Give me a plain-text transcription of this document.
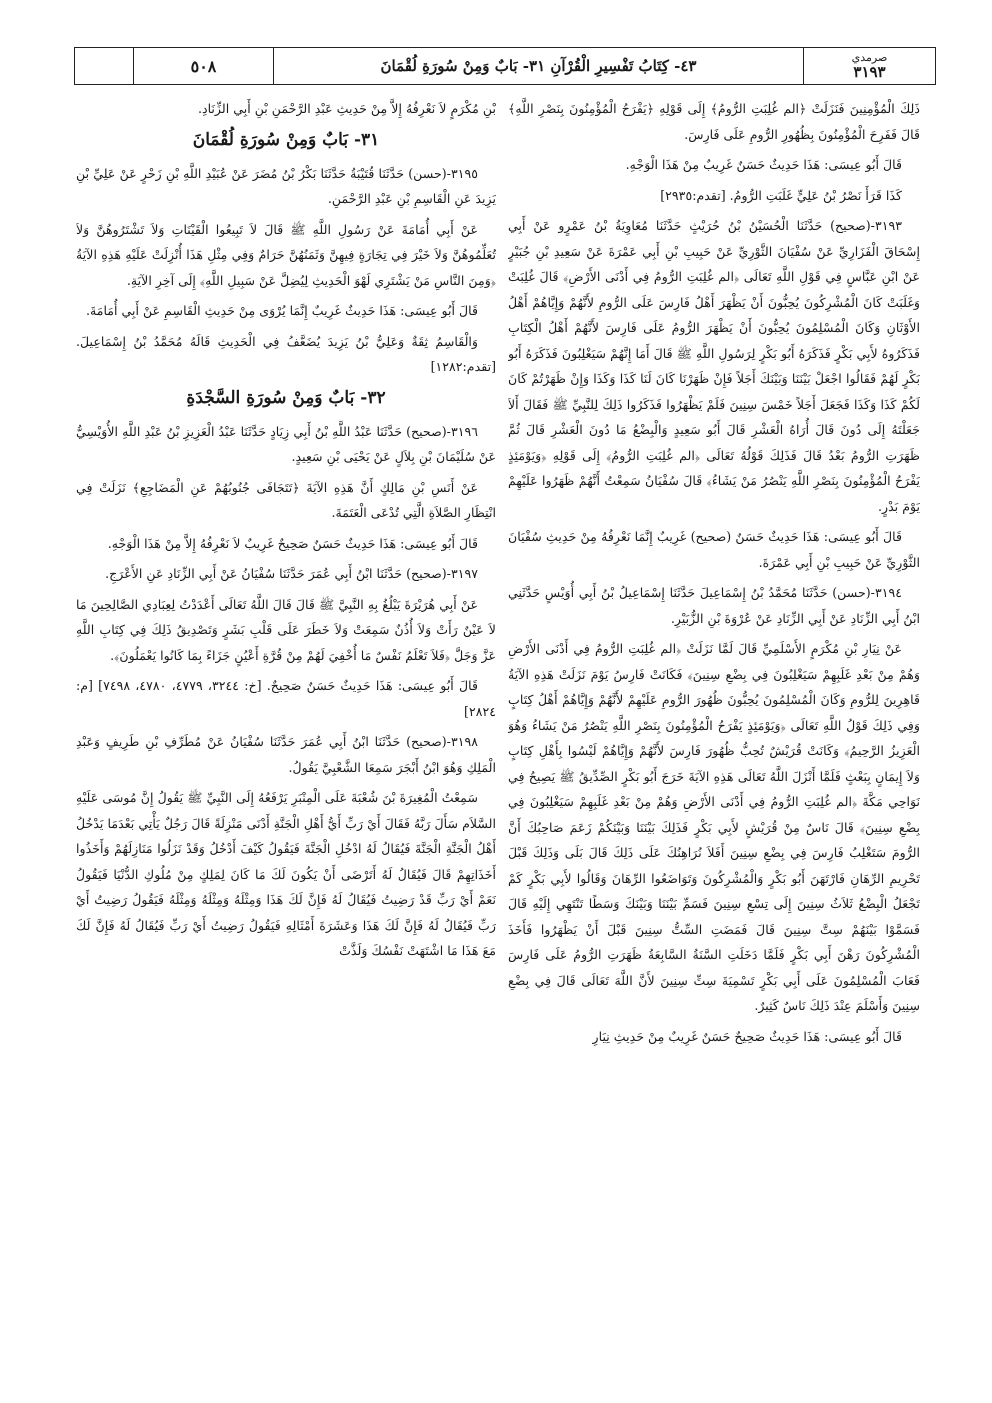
صرمدي
٣١٩٣
٤٣- كِتَابُ تَفْسِيرِ الْقُرْآنِ ٣١- بَابٌ وَمِنْ سُورَةِ لُقْمَانَ
٥٠٨

ذَلِكَ الْمُؤْمِنِينَ فَنَزَلَتْ ﴿الم غُلِبَتِ الرُّومُ﴾ إِلَى قَوْلِهِ ﴿يَفْرَحُ الْمُؤْمِنُونَ بِنَصْرِ اللَّهِ﴾ قَالَ فَفَرِحَ الْمُؤْمِنُونَ بِظُهُورِ الرُّومِ عَلَى فَارِسَ.

قَالَ أَبُو عِيسَى: هَذَا حَدِيثٌ حَسَنٌ غَرِيبٌ مِنْ هَذَا الْوَجْهِ.

كَذَا قَرَأَ نَصْرُ بْنُ عَلِيٍّ غَلَبَتِ الرُّومُ. [تقدم:٢٩٣٥]

٣١٩٣-(صحيح) حَدَّثَنَا الْحُسَيْنُ بْنُ حُرَيْثٍ حَدَّثَنَا مُعَاوِيَةُ بْنُ عَمْرٍو عَنْ أَبِي إِسْحَاقَ الْفَزَارِيِّ عَنْ سُفْيَانَ الثَّوْرِيِّ عَنْ حَبِيبِ بْنِ أَبِي عَمْرَةَ عَنْ سَعِيدِ بْنِ جُبَيْرٍ عَنْ ابْنِ عَبَّاسٍ فِي قَوْلِ اللَّهِ تَعَالَى ﴿الم غُلِبَتِ الرُّومُ فِي أَدْنَى الأَرْضِ﴾ قَالَ غُلِبَتْ وَغَلَبَتْ كَانَ الْمُشْرِكُونَ يُحِبُّونَ أَنْ يَظْهَرَ أَهْلُ فَارِسَ عَلَى الرُّومِ لأَنَّهُمْ وَإِيَّاهُمْ أَهْلُ الأَوْثَانِ وَكَانَ الْمُسْلِمُونَ يُحِبُّونَ أَنْ يَظْهَرَ الرُّومُ عَلَى فَارِسَ لأَنَّهُمْ أَهْلُ الْكِتَابِ فَذَكَرُوهُ لأَبِي بَكْرٍ فَذَكَرَهُ أَبُو بَكْرٍ لِرَسُولِ اللَّهِ ﷺ قَالَ أَمَا إِنَّهُمْ سَيَغْلِبُونَ فَذَكَرَهُ أَبُو بَكْرٍ لَهُمْ فَقَالُوا اجْعَلْ بَيْنَنَا وَبَيْنَكَ أَجَلاً فَإِنْ ظَهَرْنَا كَانَ لَنَا كَذَا وَكَذَا وَإِنْ ظَهَرْتُمْ كَانَ لَكُمْ كَذَا وَكَذَا فَجَعَلَ أَجَلاً خَمْسَ سِنِينَ فَلَمْ يَظْهَرُوا فَذَكَرُوا ذَلِكَ لِلنَّبِيِّ ﷺ فَقَالَ أَلاَ جَعَلْتَهُ إِلَى دُونَ قَالَ أُرَاهُ الْعَشْرِ قَالَ أَبُو سَعِيدٍ وَالْبِضْعُ مَا دُونَ الْعَشْرِ قَالَ ثُمَّ ظَهَرَتِ الرُّومُ بَعْدُ قَالَ فَذَلِكَ قَوْلُهُ تَعَالَى ﴿الم غُلِبَتِ الرُّومُ﴾ إِلَى قَوْلِهِ ﴿وَيَوْمَئِذٍ يَفْرَحُ الْمُؤْمِنُونَ بِنَصْرِ اللَّهِ يَنْصُرُ مَنْ يَشَاءُ﴾ قَالَ سُفْيَانُ سَمِعْتُ أَنَّهُمْ ظَهَرُوا عَلَيْهِمْ يَوْمَ بَدْرٍ.

قَالَ أَبُو عِيسَى: هَذَا حَدِيثٌ حَسَنٌ (صحيح) غَرِيبٌ إِنَّمَا نَعْرِفُهُ مِنْ حَدِيثِ سُفْيَانَ الثَّوْرِيِّ عَنْ حَبِيبِ بْنِ أَبِي عَمْرَةَ.

٣١٩٤-(حسن) حَدَّثَنَا مُحَمَّدُ بْنُ إِسْمَاعِيلَ حَدَّثَنَا إِسْمَاعِيلُ بْنُ أَبِي أُوَيْسٍ حَدَّثَنِي ابْنُ أَبِي الزِّنَادِ عَنْ أَبِي الزِّنَادِ عَنْ عُرْوَةَ بْنِ الزُّبَيْرِ.

عَنْ نِيَارِ بْنِ مُكْرَمٍ الأَسْلَمِيِّ قَالَ لَمَّا نَزَلَتْ ﴿الم غُلِبَتِ الرُّومُ فِي أَدْنَى الأَرْضِ وَهُمْ مِنْ بَعْدِ غَلَبِهِمْ سَيَغْلِبُونَ فِي بِضْعِ سِنِينَ﴾ فَكَانَتْ فَارِسُ يَوْمَ نَزَلَتْ هَذِهِ الآيَةُ قَاهِرِينَ لِلرُّومِ وَكَانَ الْمُسْلِمُونَ يُحِبُّونَ ظُهُورَ الرُّومِ عَلَيْهِمْ لأَنَّهُمْ وَإِيَّاهُمْ أَهْلُ كِتَابٍ وَفِي ذَلِكَ قَوْلُ اللَّهِ تَعَالَى ﴿وَيَوْمَئِذٍ يَفْرَحُ الْمُؤْمِنُونَ بِنَصْرِ اللَّهِ يَنْصُرُ مَنْ يَشَاءُ وَهُوَ الْعَزِيزُ الرَّحِيمُ﴾ وَكَانَتْ قُرَيْشٌ تُحِبُّ ظُهُورَ فَارِسَ لأَنَّهُمْ وَإِيَّاهُمْ لَيْسُوا بِأَهْلِ كِتَابٍ وَلاَ إِيمَانٍ بِبَعْثٍ فَلَمَّا أَنْزَلَ اللَّهُ تَعَالَى هَذِهِ الآيَةَ خَرَجَ أَبُو بَكْرٍ الصِّدِّيقُ ﷺ يَصِيحُ فِي نَوَاحِي مَكَّةَ ﴿الم غُلِبَتِ الرُّومُ فِي أَدْنَى الأَرْضِ وَهُمْ مِنْ بَعْدِ غَلَبِهِمْ سَيَغْلِبُونَ فِي بِضْعِ سِنِينَ﴾ قَالَ نَاسٌ مِنْ قُرَيْشٍ لأَبِي بَكْرٍ فَذَلِكَ بَيْنَنَا وَبَيْنَكُمْ زَعَمَ صَاحِبُكَ أَنَّ الرُّومَ سَتَغْلِبُ فَارِسَ فِي بِضْعِ سِنِينَ أَفَلاَ نُرَاهِنُكَ عَلَى ذَلِكَ قَالَ بَلَى وَذَلِكَ قَبْلَ تَحْرِيمِ الرِّهَانِ فَارْتَهَنَ أَبُو بَكْرٍ وَالْمُشْرِكُونَ وَتَوَاضَعُوا الرِّهَانَ وَقَالُوا لأَبِي بَكْرٍ كَمْ تَجْعَلُ الْبِضْعُ ثَلاَثُ سِنِينَ إِلَى تِسْعِ سِنِينَ فَسَمِّ بَيْنَنَا وَبَيْنَكَ وَسَطًا تَنْتَهِي إِلَيْهِ قَالَ فَسَمَّوْا بَيْنَهُمْ سِتَّ سِنِينَ قَالَ فَمَضَتِ السِّتُّ سِنِينَ قَبْلَ أَنْ يَظْهَرُوا فَأَخَذَ الْمُشْرِكُونَ رَهْنَ أَبِي بَكْرٍ فَلَمَّا دَخَلَتِ السَّنَةُ السَّابِعَةُ ظَهَرَتِ الرُّومُ عَلَى فَارِسَ فَعَابَ الْمُسْلِمُونَ عَلَى أَبِي بَكْرٍ تَسْمِيَةَ سِتِّ سِنِينَ لأَنَّ اللَّهَ تَعَالَى قَالَ فِي بِضْعِ سِنِينَ وَأَسْلَمَ عِنْدَ ذَلِكَ نَاسٌ كَثِيرٌ.

قَالَ أَبُو عِيسَى: هَذَا حَدِيثٌ صَحِيحٌ حَسَنٌ غَرِيبٌ مِنْ حَدِيثِ نِيَارِ

بْنِ مُكْرَمٍ لاَ نَعْرِفُهُ إِلاَّ مِنْ حَدِيثِ عَبْدِ الرَّحْمَنِ بْنِ أَبِي الزِّنَادِ.

٣١- بَابٌ وَمِنْ سُورَةِ لُقْمَانَ

٣١٩٥-(حسن) حَدَّثَنَا قُتَيْبَةُ حَدَّثَنَا بَكْرُ بْنُ مُضَرَ عَنْ عُبَيْدِ اللَّهِ بْنِ زَحْرٍ عَنْ عَلِيِّ بْنِ يَزِيدَ عَنِ الْقَاسِمِ بْنِ عَبْدِ الرَّحْمَنِ.

عَنْ أَبِي أُمَامَةَ عَنْ رَسُولِ اللَّهِ ﷺ قَالَ لاَ تَبِيعُوا الْقَيْنَاتِ وَلاَ تَشْتَرُوهُنَّ وَلاَ تُعَلِّمُوهُنَّ وَلاَ خَيْرَ فِي تِجَارَةٍ فِيهِنَّ وَثَمَنُهُنَّ حَرَامٌ وَفِي مِثْلِ هَذَا أُنْزِلَتْ عَلَيْهِ هَذِهِ الآيَةُ ﴿وَمِنَ النَّاسِ مَنْ يَشْتَرِي لَهْوَ الْحَدِيثِ لِيُضِلَّ عَنْ سَبِيلِ اللَّهِ﴾ إِلَى آخِرِ الآيَةِ.

قَالَ أَبُو عِيسَى: هَذَا حَدِيثٌ غَرِيبٌ إِنَّمَا يُرْوَى مِنْ حَدِيثِ الْقَاسِمِ عَنْ أَبِي أُمَامَةَ.

وَالْقَاسِمُ ثِقَةٌ وَعَلِيُّ بْنُ يَزِيدَ يُضَعَّفُ فِي الْحَدِيثِ قَالَهُ مُحَمَّدُ بْنُ إِسْمَاعِيلَ. [تقدم:١٢٨٢]

٣٢- بَابٌ وَمِنْ سُورَةِ السَّجْدَةِ

٣١٩٦-(صحيح) حَدَّثَنَا عَبْدُ اللَّهِ بْنُ أَبِي زِيَادٍ حَدَّثَنَا عَبْدُ الْعَزِيزِ بْنُ عَبْدِ اللَّهِ الأُوَيْسِيُّ عَنْ سُلَيْمَانَ بْنِ بِلاَلٍ عَنْ يَحْيَى بْنِ سَعِيدٍ.

عَنْ أَنَسِ بْنِ مَالِكٍ أَنَّ هَذِهِ الآيَةَ ﴿تَتَجَافَى جُنُوبُهُمْ عَنِ الْمَضَاجِعِ﴾ نَزَلَتْ فِي انْتِظَارِ الصَّلاَةِ الَّتِي تُدْعَى الْعَتَمَةَ.

قَالَ أَبُو عِيسَى: هَذَا حَدِيثٌ حَسَنٌ صَحِيحٌ غَرِيبٌ لاَ نَعْرِفُهُ إِلاَّ مِنْ هَذَا الْوَجْهِ.

٣١٩٧-(صحيح) حَدَّثَنَا ابْنُ أَبِي عُمَرَ حَدَّثَنَا سُفْيَانُ عَنْ أَبِي الزِّنَادِ عَنِ الأَعْرَجِ.

عَنْ أَبِي هُرَيْرَةَ يَبْلُغُ بِهِ النَّبِيَّ ﷺ قَالَ قَالَ اللَّهُ تَعَالَى أَعْدَدْتُ لِعِبَادِي الصَّالِحِينَ مَا لاَ عَيْنٌ رَأَتْ وَلاَ أُذُنٌ سَمِعَتْ وَلاَ خَطَرَ عَلَى قَلْبِ بَشَرٍ وَتَصْدِيقُ ذَلِكَ فِي كِتَابِ اللَّهِ عَزَّ وَجَلَّ ﴿فَلاَ تَعْلَمُ نَفْسٌ مَا أُخْفِيَ لَهُمْ مِنْ قُرَّةِ أَعْيُنٍ جَزَاءً بِمَا كَانُوا يَعْمَلُونَ﴾.

قَالَ أَبُو عِيسَى: هَذَا حَدِيثٌ حَسَنٌ صَحِيحٌ. [خ: ٣٢٤٤، ٤٧٧٩، ٤٧٨٠، ٧٤٩٨] [م: ٢٨٢٤]

٣١٩٨-(صحيح) حَدَّثَنَا ابْنُ أَبِي عُمَرَ حَدَّثَنَا سُفْيَانُ عَنْ مُطَرِّفِ بْنِ طَرِيفٍ وَعَبْدِ الْمَلِكِ وَهُوَ ابْنُ أَبْجَرَ سَمِعَا الشَّعْبِيَّ يَقُولُ.

سَمِعْتُ الْمُغِيرَةَ بْنَ شُعْبَةَ عَلَى الْمِنْبَرِ يَرْفَعُهُ إِلَى النَّبِيِّ ﷺ يَقُولُ إِنَّ مُوسَى عَلَيْهِ السَّلاَم سَأَلَ رَبَّهُ فَقَالَ أَيْ رَبِّ أَيُّ أَهْلِ الْجَنَّةِ أَدْنَى مَنْزِلَةً قَالَ رَجُلٌ يَأْتِي بَعْدَمَا يَدْخُلُ أَهْلُ الْجَنَّةِ الْجَنَّةَ فَيُقَالُ لَهُ ادْخُلِ الْجَنَّةَ فَيَقُولُ كَيْفَ أَدْخُلُ وَقَدْ نَزَلُوا مَنَازِلَهُمْ وَأَخَذُوا أَخَذَاتِهِمْ قَالَ فَيُقَالُ لَهُ أَتَرْضَى أَنْ يَكُونَ لَكَ مَا كَانَ لِمَلِكٍ مِنْ مُلُوكِ الدُّنْيَا فَيَقُولُ نَعَمْ أَيْ رَبِّ قَدْ رَضِيتُ فَيُقَالُ لَهُ فَإِنَّ لَكَ هَذَا وَمِثْلَهُ وَمِثْلَهُ وَمِثْلَهُ فَيَقُولُ رَضِيتُ أَيْ رَبِّ فَيُقَالُ لَهُ فَإِنَّ لَكَ هَذَا وَعَشَرَةَ أَمْثَالِهِ فَيَقُولُ رَضِيتُ أَيْ رَبِّ فَيُقَالُ لَهُ فَإِنَّ لَكَ مَعَ هَذَا مَا اشْتَهَتْ نَفْسُكَ وَلَذَّتْ
